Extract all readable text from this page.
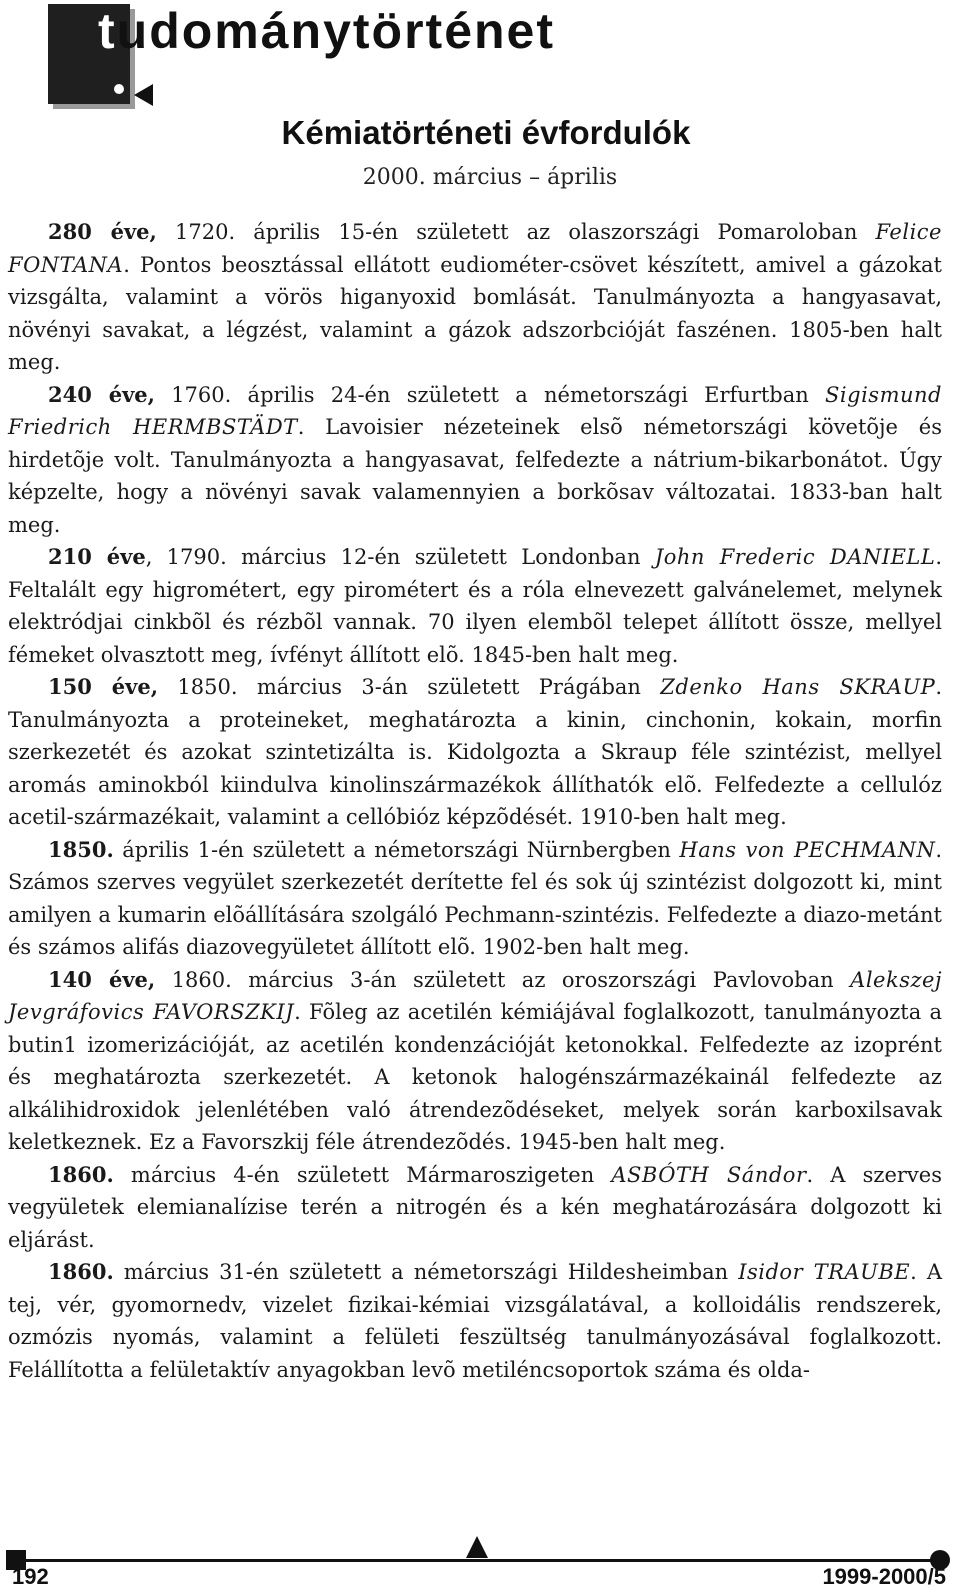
tudománytörténet
Kémiatörténeti évfordulók
2000. március – április

280 éve, 1720. április 15-én született az olaszországi Pomaroloban Felice FONTANA. Pontos beosztással ellátott eudiométer-csövet készített, amivel a gázokat vizsgálta, valamint a vörös higanyoxid bomlását. Tanulmányozta a hangyasavat, növényi savakat, a légzést, valamint a gázok adszorbcióját faszénen. 1805-ben halt meg.

240 éve, 1760. április 24-én született a németországi Erfurtban Sigismund Friedrich HERMBSTÄDT. Lavoisier nézeteinek elsõ németországi követõje és hirdetõje volt. Tanulmányozta a hangyasavat, felfedezte a nátrium-bikarbonátot. Úgy képzelte, hogy a növényi savak valamennyien a borkõsav változatai. 1833-ban halt meg.

210 éve, 1790. március 12-én született Londonban John Frederic DANIELL. Feltalált egy higrométert, egy pirométert és a róla elnevezett galvánelemet, melynek elektródjai cinkbõl és rézbõl vannak. 70 ilyen elembõl telepet állított össze, mellyel fémeket olvasztott meg, ívfényt állított elõ. 1845-ben halt meg.

150 éve, 1850. március 3-án született Prágában Zdenko Hans SKRAUP. Tanulmányozta a proteineket, meghatározta a kinin, cinchonin, kokain, morfin szerkezetét és azokat szintetizálta is. Kidolgozta a Skraup féle szintézist, mellyel aromás aminokból kiindulva kinolinszármazékok állíthatók elõ. Felfedezte a cellulóz acetil-származékait, valamint a cellóbióz képzõdését. 1910-ben halt meg.

1850. április 1-én született a németországi Nürnbergben Hans von PECHMANN. Számos szerves vegyület szerkezetét derítette fel és sok új szintézist dolgozott ki, mint amilyen a kumarin elõállítására szolgáló Pechmann-szintézis. Felfedezte a diazo-metánt és számos alifás diazovegyületet állított elõ. 1902-ben halt meg.

140 éve, 1860. március 3-án született az oroszországi Pavlovoban Alekszej Jevgráfovics FAVORSZKIJ. Fõleg az acetilén kémiájával foglalkozott, tanulmányozta a butin1 izomerizációját, az acetilén kondenzációját ketonokkal. Felfedezte az izoprént és meghatározta szerkezetét. A ketonok halogénszármazékainál felfedezte az alkálihidroxidok jelenlétében való átrendezõdéseket, melyek során karboxilsavak keletkeznek. Ez a Favorszkij féle átrendezõdés. 1945-ben halt meg.

1860. március 4-én született Mármaroszigeten ASBÓTH Sándor. A szerves vegyületek elemianalízise terén a nitrogén és a kén meghatározására dolgozott ki eljárást.

1860. március 31-én született a németországi Hildesheimban Isidor TRAUBE. A tej, vér, gyomornedv, vizelet fizikai-kémiai vizsgálatával, a kolloidális rendszerek, ozmózis nyomás, valamint a felületi feszültség tanulmányozásával foglalkozott. Felállította a felületaktív anyagokban levõ metiléncsoportok száma és olda-

192	1999-2000/5
